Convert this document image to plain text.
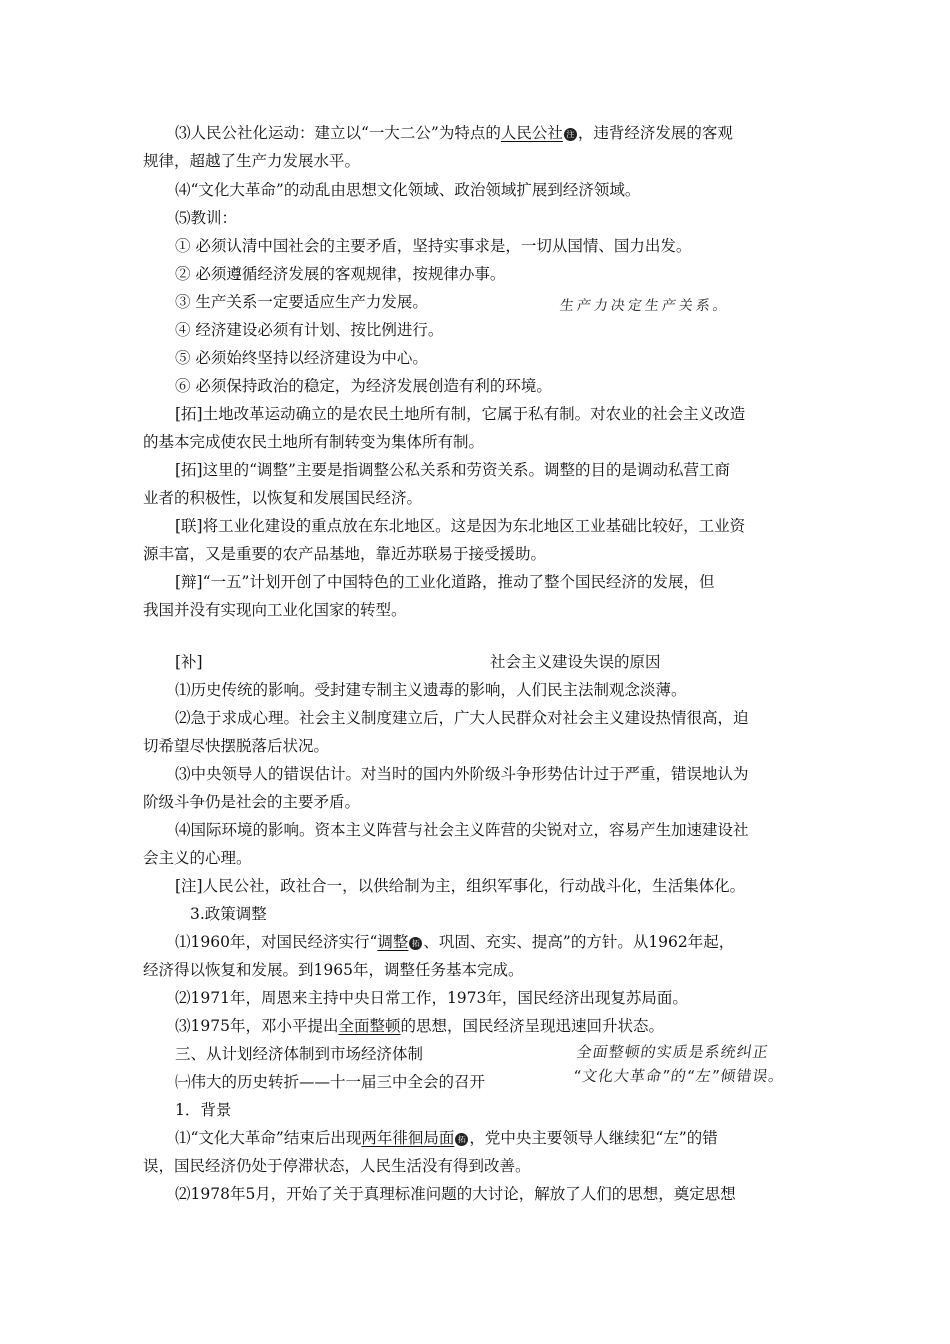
⑶人民公社化运动：建立以“一大二公”为特点的人民公社 注 ，违背经济发展的客观
规律，超越了生产力发展水平。
⑷“文化大革命”的动乱由思想文化领域、政治领域扩展到经济领域。
⑸教训：
① 必须认清中国社会的主要矛盾，坚持实事求是，一切从国情、国力出发。
② 必须遵循经济发展的客观规律，按规律办事。
③ 生产关系一定要适应生产力发展。
④ 经济建设必须有计划、按比例进行。
⑤ 必须始终坚持以经济建设为中心。
⑥ 必须保持政治的稳定，为经济发展创造有利的环境。
生产力决定生产关系。
[拓]土地改革运动确立的是农民土地所有制，它属于私有制。对农业的社会主义改造
的基本完成使农民土地所有制转变为集体所有制。
[拓]这里的“调整”主要是指调整公私关系和劳资关系。调整的目的是调动私营工商
业者的积极性，以恢复和发展国民经济。
[联]将工业化建设的重点放在东北地区。这是因为东北地区工业基础比较好，工业资
源丰富，又是重要的农产品基地，靠近苏联易于接受援助。
[辩]“一五”计划开创了中国特色的工业化道路，推动了整个国民经济的发展，但
我国并没有实现向工业化国家的转型。
[补]	社会主义建设失误的原因
⑴历史传统的影响。受封建专制主义遗毒的影响，人们民主法制观念淡薄。
⑵急于求成心理。社会主义制度建立后，广大人民群众对社会主义建设热情很高，迫
切希望尽快摆脱落后状况。
⑶中央领导人的错误估计。对当时的国内外阶级斗争形势估计过于严重，错误地认为
阶级斗争仍是社会的主要矛盾。
⑷国际环境的影响。资本主义阵营与社会主义阵营的尖锐对立，容易产生加速建设社
会主义的心理。
[注]人民公社，政社合一，以供给制为主，组织军事化，行动战斗化，生活集体化。
3.政策调整
⑴1960年，对国民经济实行“调整 拓 、巩固、充实、提高”的方针。从1962年起，
经济得以恢复和发展。到1965年，调整任务基本完成。
⑵1971年，周恩来主持中央日常工作，1973年，国民经济出现复苏局面。
⑶1975年，邓小平提出全面整顿的思想，国民经济呈现迅速回升状态。
三、从计划经济体制到市场经济体制
㈠伟大的历史转折——十一届三中全会的召开
全面整顿的实质是系统纠正
“文化大革命”的“左”倾错误。
1．背景
⑴“文化大革命”结束后出现两年徘徊局面 拓 ，党中央主要领导人继续犯“左”的错
误，国民经济仍处于停滞状态，人民生活没有得到改善。
⑵1978年5月，开始了关于真理标准问题的大讨论，解放了人们的思想，奠定思想
